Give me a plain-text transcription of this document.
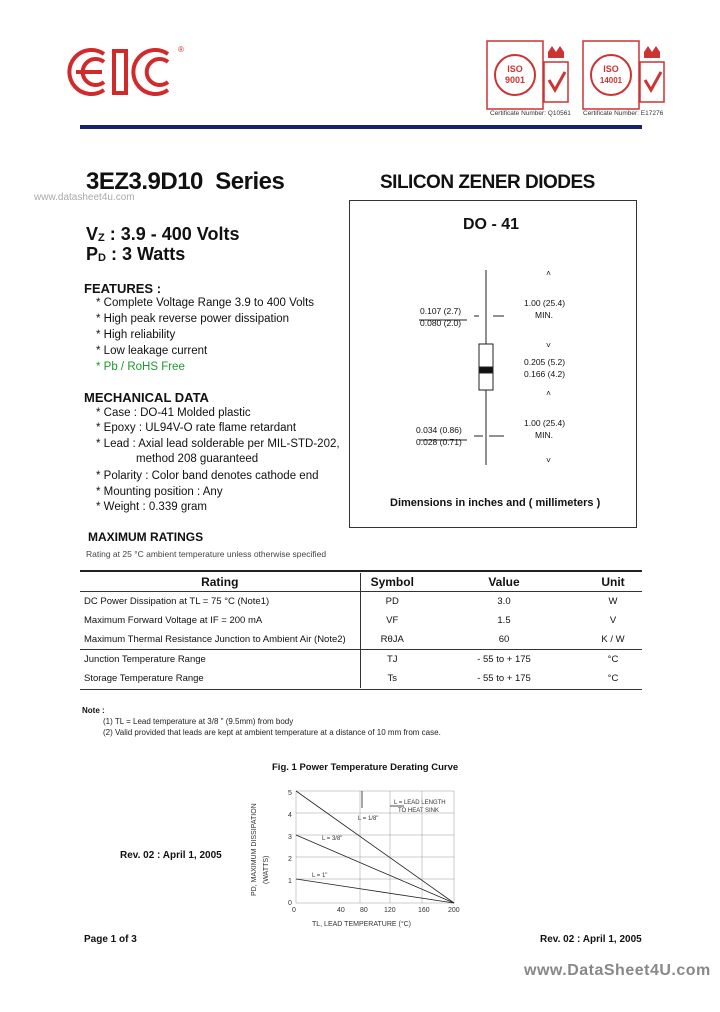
®
ISO
9001
ISO
14001
Certificate Number: Q10561 Certificate Number: E17276
3EZ3.9D10  Series	SILICON ZENER DIODES
www.datasheet4u.com
$V_Z$ : 3.9 - 400 Volts
$P_D$ : 3 Watts
FEATURES :
* Complete Voltage Range 3.9 to 400 Volts
* High peak reverse power dissipation
* High reliability
* Low leakage current
* Pb / RoHS Free
MECHANICAL DATA
* Case : DO-41 Molded plastic
* Epoxy : UL94V-O rate flame retardant
* Lead : Axial lead solderable per MIL-STD-202,
method 208 guaranteed
* Polarity : Color band denotes cathode end
* Mounting position : Any
* Weight : 0.339 gram
DO - 41
˄
0.107 (2.7)
0.080 (2.0)
1.00 (25.4)
MIN.
˅
0.205 (5.2)
0.166 (4.2)
˄
0.034 (0.86)
0.028 (0.71)
1.00 (25.4)
MIN.
˅
Dimensions in inches and ( millimeters )
MAXIMUM RATINGS
Rating at 25 °C ambient temperature unless otherwise specified
Rating	Symbol	Value	Unit
DC Power Dissipation at TL = 75 °C (Note1)	PD	3.0	W
Maximum Forward Voltage at IF = 200 mA	VF	1.5	V
Maximum Thermal Resistance Junction to Ambient Air (Note2)	RθJA	60	K / W
Junction Temperature Range	TJ	- 55 to + 175	°C
Storage Temperature Range	Ts	- 55 to + 175	°C
Note :
(1) TL = Lead temperature at 3/8 " (9.5mm) from body
(2) Valid provided that leads are kept at ambient temperature at a distance of 10 mm from case.
Fig. 1 Power Temperature Derating Curve
PD, MAXIMUM DISSIPATION (WATTS)
TL, LEAD TEMPERATURE (°C)
5
4
3
2
1
0
0	40 80 120	160	200
L = LEAD LENGTH
TO HEAT SINK
L = 1/8"
L = 3/8"
L = 1"
Rev. 02 : April 1, 2005
Page 1 of 3	Rev. 02 : April 1, 2005
www.DataSheet4U.com
